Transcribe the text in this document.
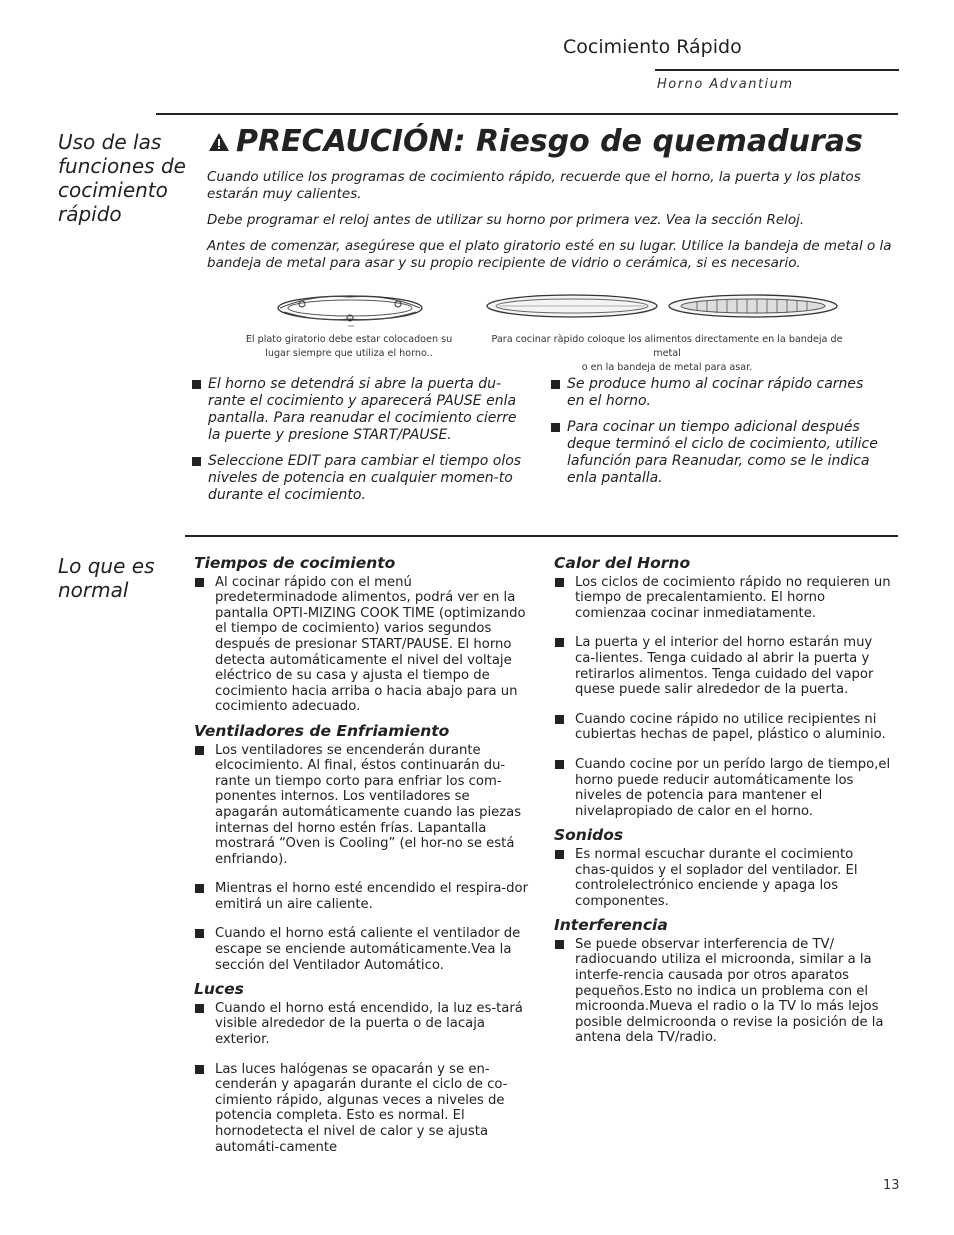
Cocimiento Rápido
Horno Advantium
Uso de las funciones de cocimiento rápido
PRECAUCIÓN: Riesgo de quemaduras

Cuando utilice los programas de cocimiento rápido, recuerde que el horno, la puerta y los platos estarán muy calientes.

Debe programar el reloj antes de utilizar su horno por primera vez. Vea la sección Reloj.

Antes de comenzar, asegúrese que el plato giratorio esté en su lugar. Utilice la bandeja de metal o la bandeja de metal para asar y su propio recipiente de vidrio o cerámica, si es necesario.

El plato giratorio debe estar colocadoen su
lugar siempre que utiliza el horno..
Para cocinar ràpido coloque los alimentos directamente en la bandeja de metal
o en la bandeja de metal para asar.
El horno se detendrá si abre la puerta du-rante el cocimiento y aparecerá PAUSE enla pantalla. Para reanudar el cocimiento cierre la puerte y presione START/PAUSE.
Seleccione EDIT para cambiar el tiempo olos niveles de potencia en cualquier momen-to durante el cocimiento.
Se produce humo al cocinar rápido carnes en el horno.
Para cocinar un tiempo adicional después deque terminó el ciclo de cocimiento, utilice lafunción para Reanudar, como se le indica enla pantalla.
Lo que es normal
Tiempos de cocimiento
Al cocinar rápido con el menú predeterminadode alimentos, podrá ver en la pantalla OPTI-MIZING COOK TIME (optimizando el tiempo de cocimiento) varios segundos después de presionar START/PAUSE. El horno detecta automáticamente el nivel del voltaje eléctrico de su casa y ajusta el tiempo de cocimiento hacia arriba o hacia abajo para un cocimiento adecuado.
Ventiladores de Enfriamiento
Los ventiladores se encenderán durante elcocimiento. Al final, éstos continuarán du-rante un tiempo corto para enfriar los com-ponentes internos. Los ventiladores se apagarán automáticamente cuando las piezas internas del horno estén frías. Lapantalla mostrará “Oven is Cooling” (el hor-no se está enfriando).
Mientras el horno esté encendido el respira-dor emitirá un aire caliente.
Cuando el horno está caliente el ventilador de escape se enciende automáticamente.Vea la sección del Ventilador Automático.
Luces
Cuando el horno está encendido, la luz es-tará visible alrededor de la puerta o de lacaja exterior.
Las luces halógenas se opacarán y se en-cenderán y apagarán durante el ciclo de co-cimiento rápido, algunas veces a niveles de potencia completa. Esto es normal. El hornodetecta el nivel de calor y se ajusta automáti-camente
Calor del Horno
Los ciclos de cocimiento rápido no requieren un tiempo de precalentamiento. El horno comienzaa cocinar inmediatamente.
La puerta y el interior del horno estarán muy ca-lientes. Tenga cuidado al abrir la puerta y retirarlos alimentos. Tenga cuidado del vapor quese puede salir alrededor de la puerta.
Cuando cocine rápido no utilice recipientes ni cubiertas hechas de papel, plástico o aluminio.
Cuando cocine por un perído largo de tiempo,el horno puede reducir automáticamente los niveles de potencia para mantener el nivelapropiado de calor en el horno.
Sonidos
Es normal escuchar durante el cocimiento chas-quidos y el soplador del ventilador. El controlelectrónico enciende y apaga los componentes.
Interferencia
Se puede observar interferencia de TV/ radiocuando utiliza el microonda, similar a la interfe-rencia causada por otros aparatos pequeños.Esto no indica un problema con el microonda.Mueva el radio o la TV lo más lejos posible delmicroonda o revise la posición de la antena dela TV/radio.
13
